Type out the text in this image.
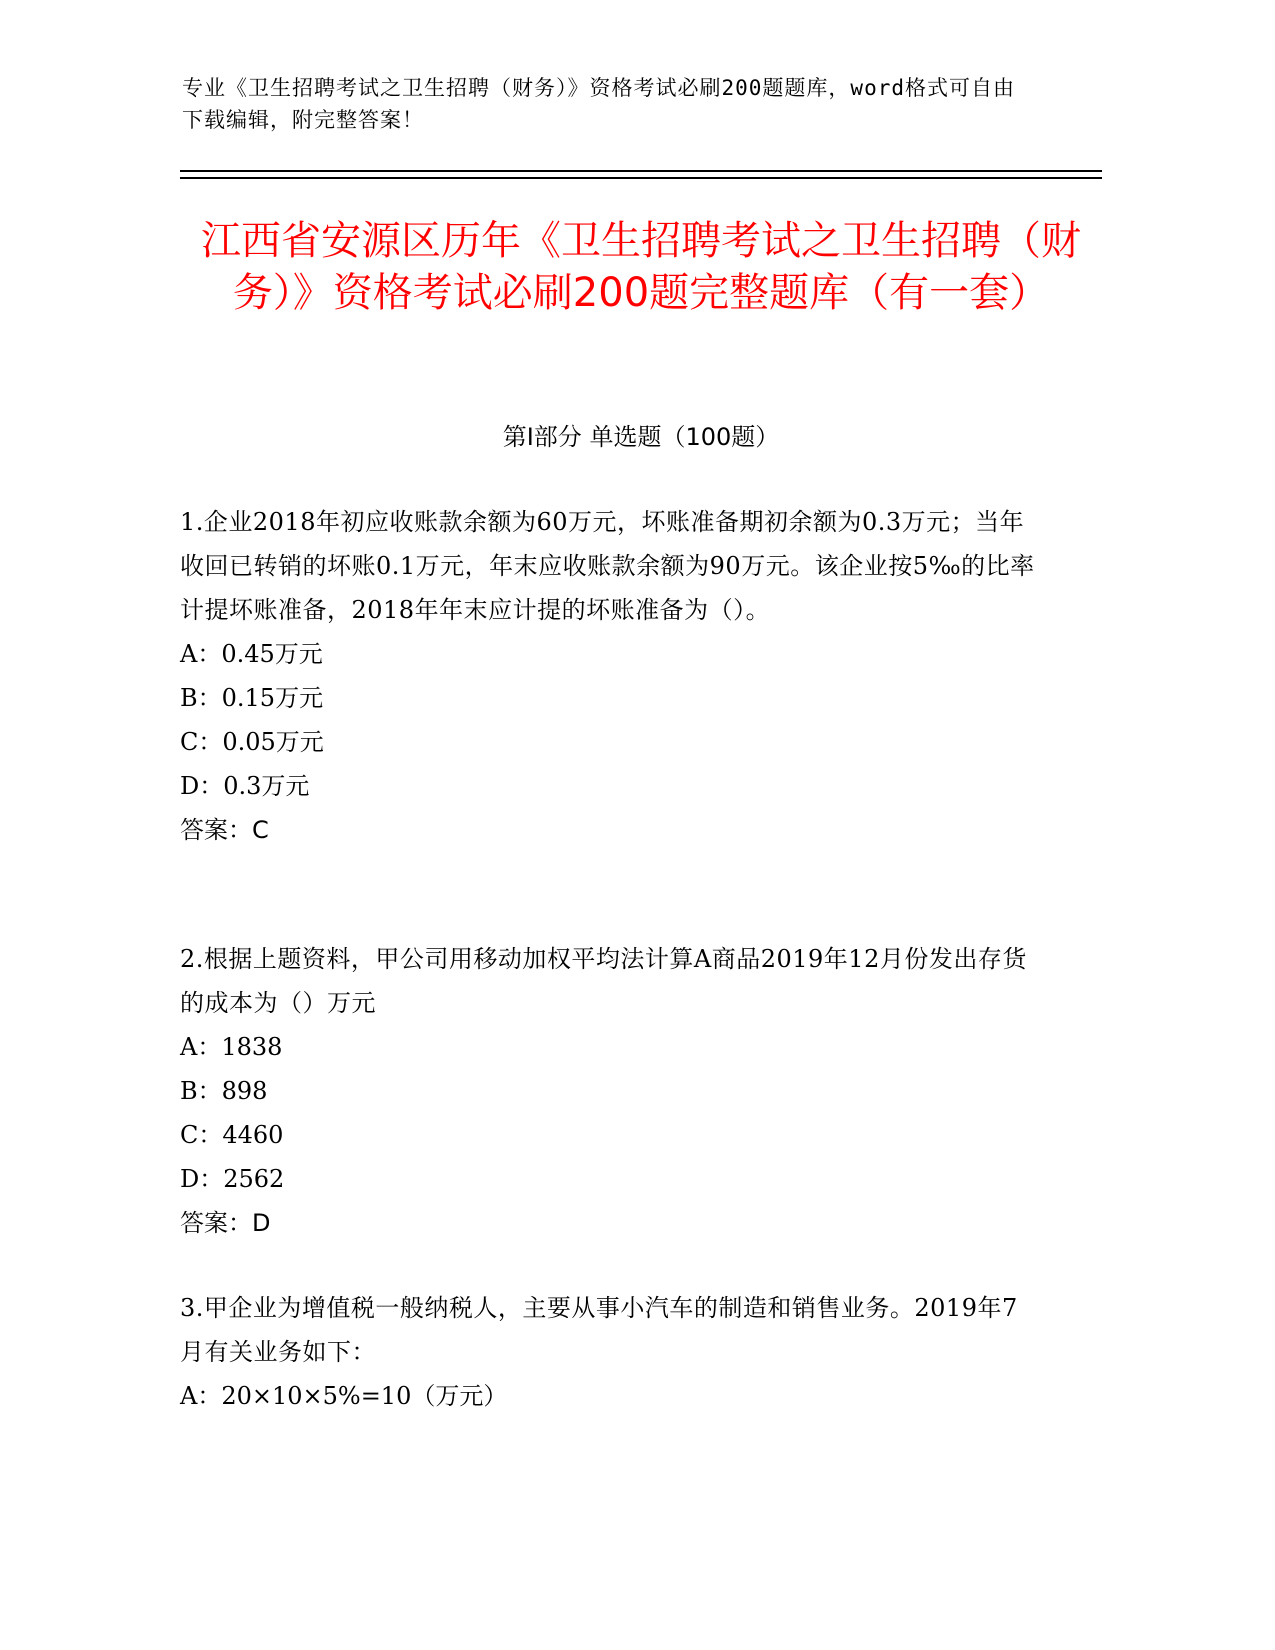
专业《卫生招聘考试之卫生招聘（财务）》资格考试必刷200题题库，word格式可自由下载编辑，附完整答案！
江西省安源区历年《卫生招聘考试之卫生招聘（财务）》资格考试必刷200题完整题库（有一套）
第I部分 单选题（100题）

1.企业2018年初应收账款余额为60万元，坏账准备期初余额为0.3万元；当年收回已转销的坏账0.1万元，年末应收账款余额为90万元。该企业按5‰的比率计提坏账准备，2018年年末应计提的坏账准备为（）。

A：0.45万元

B：0.15万元

C：0.05万元

D：0.3万元

答案：C

2.根据上题资料，甲公司用移动加权平均法计算A商品2019年12月份发出存货的成本为（）万元

A：1838

B：898

C：4460

D：2562

答案：D

3.甲企业为增值税一般纳税人，主要从事小汽车的制造和销售业务。2019年7月有关业务如下：

A：20×10×5%=10（万元）
